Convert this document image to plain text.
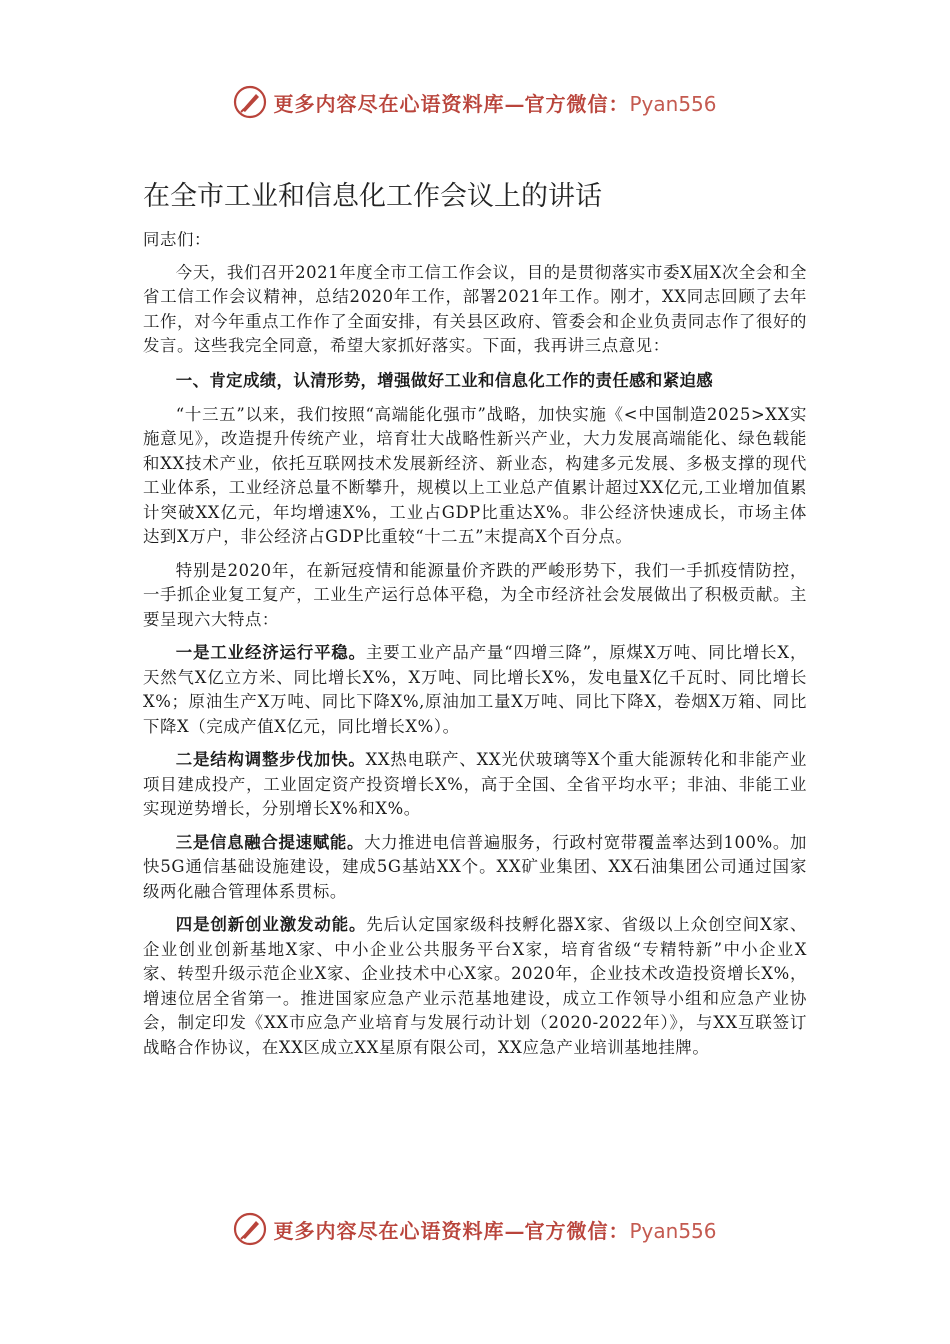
更多内容尽在心语资料库—官方微信：Pyan556
在全市工业和信息化工作会议上的讲话

同志们：

今天，我们召开2021年度全市工信工作会议，目的是贯彻落实市委X届X次全会和全省工信工作会议精神，总结2020年工作，部署2021年工作。刚才，XX同志回顾了去年工作，对今年重点工作作了全面安排，有关县区政府、管委会和企业负责同志作了很好的发言。这些我完全同意，希望大家抓好落实。下面，我再讲三点意见：

一、肯定成绩，认清形势，增强做好工业和信息化工作的责任感和紧迫感

“十三五”以来，我们按照“高端能化强市”战略，加快实施《<中国制造2025>XX实施意见》，改造提升传统产业，培育壮大战略性新兴产业，大力发展高端能化、绿色载能和XX技术产业，依托互联网技术发展新经济、新业态，构建多元发展、多极支撑的现代工业体系，工业经济总量不断攀升，规模以上工业总产值累计超过XX亿元,工业增加值累计突破XX亿元，年均增速X%，工业占GDP比重达X%。非公经济快速成长，市场主体达到X万户，非公经济占GDP比重较“十二五”末提高X个百分点。

特别是2020年，在新冠疫情和能源量价齐跌的严峻形势下，我们一手抓疫情防控，一手抓企业复工复产，工业生产运行总体平稳，为全市经济社会发展做出了积极贡献。主要呈现六大特点：

一是工业经济运行平稳。主要工业产品产量“四增三降”，原煤X万吨、同比增长X，天然气X亿立方米、同比增长X%，X万吨、同比增长X%，发电量X亿千瓦时、同比增长X%；原油生产X万吨、同比下降X%,原油加工量X万吨、同比下降X，卷烟X万箱、同比下降X（完成产值X亿元，同比增长X%）。

二是结构调整步伐加快。XX热电联产、XX光伏玻璃等X个重大能源转化和非能产业项目建成投产，工业固定资产投资增长X%，高于全国、全省平均水平；非油、非能工业实现逆势增长，分别增长X%和X%。

三是信息融合提速赋能。大力推进电信普遍服务，行政村宽带覆盖率达到100%。加快5G通信基础设施建设，建成5G基站XX个。XX矿业集团、XX石油集团公司通过国家级两化融合管理体系贯标。

四是创新创业激发动能。先后认定国家级科技孵化器X家、省级以上众创空间X家、企业创业创新基地X家、中小企业公共服务平台X家，培育省级“专精特新”中小企业X家、转型升级示范企业X家、企业技术中心X家。2020年，企业技术改造投资增长X%，增速位居全省第一。推进国家应急产业示范基地建设，成立工作领导小组和应急产业协会，制定印发《XX市应急产业培育与发展行动计划（2020-2022年）》，与XX互联签订战略合作协议，在XX区成立XX星原有限公司，XX应急产业培训基地挂牌。

更多内容尽在心语资料库—官方微信：Pyan556
